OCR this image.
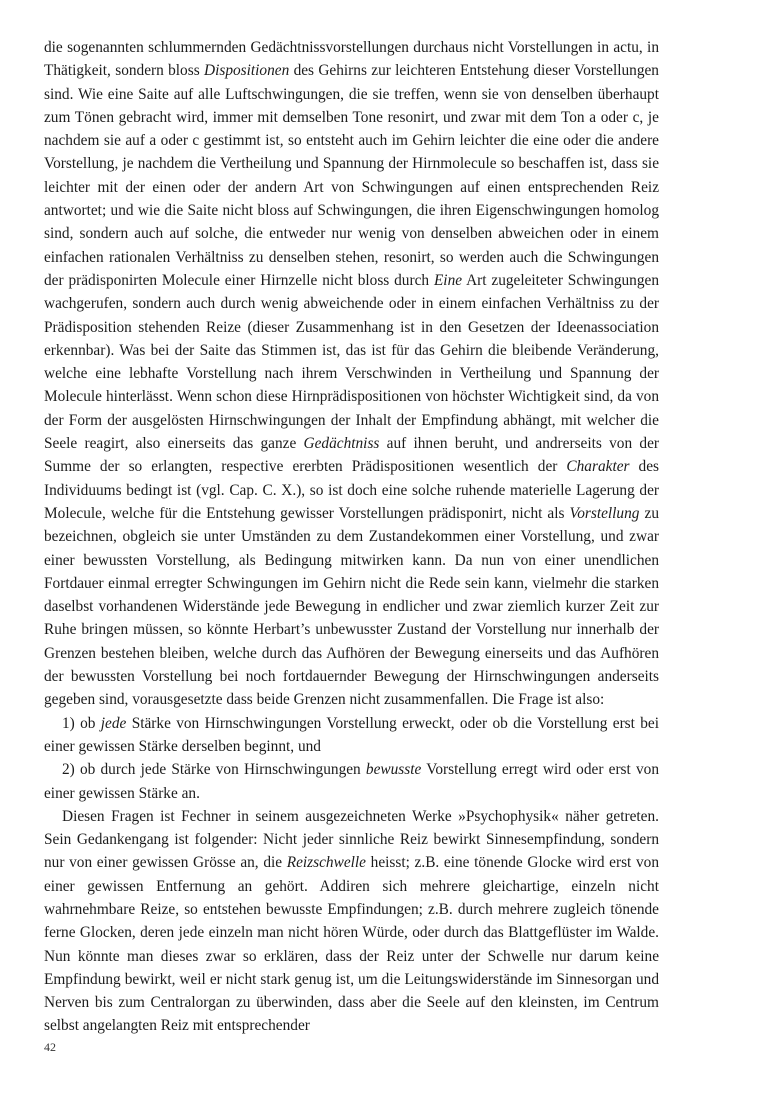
die sogenannten schlummernden Gedächtnissvorstellungen durchaus nicht Vorstellungen in actu, in Thätigkeit, sondern bloss Dispositionen des Gehirns zur leichteren Entstehung dieser Vorstellungen sind. Wie eine Saite auf alle Luftschwingungen, die sie treffen, wenn sie von denselben überhaupt zum Tönen gebracht wird, immer mit demselben Tone resonirt, und zwar mit dem Ton a oder c, je nachdem sie auf a oder c gestimmt ist, so entsteht auch im Gehirn leichter die eine oder die andere Vorstellung, je nachdem die Vertheilung und Spannung der Hirnmolecule so beschaffen ist, dass sie leichter mit der einen oder der andern Art von Schwingungen auf einen entsprechenden Reiz antwortet; und wie die Saite nicht bloss auf Schwingungen, die ihren Eigenschwingungen homolog sind, sondern auch auf solche, die entweder nur wenig von denselben abweichen oder in einem einfachen rationalen Verhältniss zu denselben stehen, resonirt, so werden auch die Schwingungen der prädisponirten Molecule einer Hirnzelle nicht bloss durch Eine Art zugeleiteter Schwingungen wachgerufen, sondern auch durch wenig abweichende oder in einem einfachen Verhältniss zu der Prädisposition stehenden Reize (dieser Zusammenhang ist in den Gesetzen der Ideenassociation erkennbar). Was bei der Saite das Stimmen ist, das ist für das Gehirn die bleibende Veränderung, welche eine lebhafte Vorstellung nach ihrem Verschwinden in Vertheilung und Spannung der Molecule hinterlässt. Wenn schon diese Hirnprädispositionen von höchster Wichtigkeit sind, da von der Form der ausgelösten Hirnschwingungen der Inhalt der Empfindung abhängt, mit welcher die Seele reagirt, also einerseits das ganze Gedächtniss auf ihnen beruht, und andrerseits von der Summe der so erlangten, respective ererbten Prädispositionen wesentlich der Charakter des Individuums bedingt ist (vgl. Cap. C. X.), so ist doch eine solche ruhende materielle Lagerung der Molecule, welche für die Entstehung gewisser Vorstellungen prädisponirt, nicht als Vorstellung zu bezeichnen, obgleich sie unter Umständen zu dem Zustandekommen einer Vorstellung, und zwar einer bewussten Vorstellung, als Bedingung mitwirken kann. Da nun von einer unendlichen Fortdauer einmal erregter Schwingungen im Gehirn nicht die Rede sein kann, vielmehr die starken daselbst vorhandenen Widerstände jede Bewegung in endlicher und zwar ziemlich kurzer Zeit zur Ruhe bringen müssen, so könnte Herbart’s unbewusster Zustand der Vorstellung nur innerhalb der Grenzen bestehen bleiben, welche durch das Aufhören der Bewegung einerseits und das Aufhören der bewussten Vorstellung bei noch fortdauernder Bewegung der Hirnschwingungen anderseits gegeben sind, vorausgesetzte dass beide Grenzen nicht zusammenfallen. Die Frage ist also:

1) ob jede Stärke von Hirnschwingungen Vorstellung erweckt, oder ob die Vorstellung erst bei einer gewissen Stärke derselben beginnt, und

2) ob durch jede Stärke von Hirnschwingungen bewusste Vorstellung erregt wird oder erst von einer gewissen Stärke an.

Diesen Fragen ist Fechner in seinem ausgezeichneten Werke »Psychophysik« näher getreten. Sein Gedankengang ist folgender: Nicht jeder sinnliche Reiz bewirkt Sinnesempfindung, sondern nur von einer gewissen Grösse an, die Reizschwelle heisst; z.B. eine tönende Glocke wird erst von einer gewissen Entfernung an gehört. Addiren sich mehrere gleichartige, einzeln nicht wahrnehmbare Reize, so entstehen bewusste Empfindungen; z.B. durch mehrere zugleich tönende ferne Glocken, deren jede einzeln man nicht hören Würde, oder durch das Blattgeflüster im Walde. Nun könnte man dieses zwar so erklären, dass der Reiz unter der Schwelle nur darum keine Empfindung bewirkt, weil er nicht stark genug ist, um die Leitungswiderstände im Sinnesorgan und Nerven bis zum Centralorgan zu überwinden, dass aber die Seele auf den kleinsten, im Centrum selbst angelangten Reiz mit entsprechender

42
